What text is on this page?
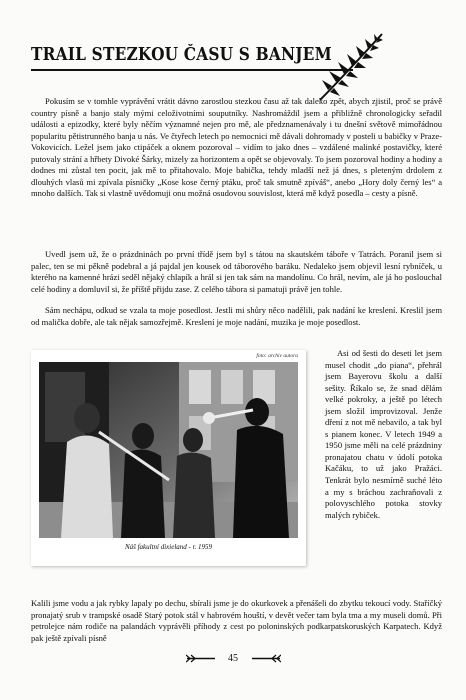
TRAIL STEZKOU ČASU S BANJEM

Pokusím se v tomhle vyprávění vrátit dávno zarostlou stezkou času až tak daleko zpět, abych zjistil, proč se právě country písně a banjo staly mými celoživotními souputníky. Nashromáždil jsem a přibližně chronologicky seřadil události a epizodky, které byly něčím významné nejen pro mě, ale předznamenávaly i tu dnešní světově mimořádnou popularitu pětistrunného banja u nás. Ve čtyřech letech po nemocnici mě dávali dohromady v posteli u babičky v Praze-Vokovicích. Ležel jsem jako ctipáček a oknem pozoroval – vidím to jako dnes – vzdálené malinké postavičky, které putovaly strání a hřbety Divoké Šárky, mizely za horizontem a opět se objevovaly. To jsem pozoroval hodiny a hodiny a dodnes mi zůstal ten pocit, jak mě to přitahovalo. Moje babička, tehdy mladší než já dnes, s pleteným drdolem z dlouhých vlasů mi zpívala písničky „Kose kose černý ptáku, proč tak smutně zpíváš“, anebo „Hory doly černý les“ a mnoho dalších. Tak si vlastně uvědomuji onu možná osudovou souvislost, která mě když posedla – cesty a písně.

Uvedl jsem už, že o prázdninách po první třídě jsem byl s tátou na skautském táboře v Tatrách. Poranil jsem si palec, ten se mi pěkně podebral a já pajdal jen kousek od táborového baráku. Nedaleko jsem objevil lesní rybníček, u kterého na kamenné hrázi seděl nějaký chlapík a hrál si jen tak sám na mandolínu. Co hrál, nevím, ale já ho poslouchal celé hodiny a domluvil si, že příště přijdu zase. Z celého tábora si pamatuji právě jen tohle.

Sám nechápu, odkud se vzala ta moje posedlost. Jestli mi shůry něco nadělili, pak nadání ke kreslení. Kreslil jsem od malička dobře, ale tak nějak samozřejmě. Kreslení je moje nadání, muzika je moje posedlost.

foto: archiv autora
Náš fakultní dixieland - r. 1959

Asi od šesti do deseti let jsem musel chodit „do piana“, přehrál jsem Bayerovu školu a další sešity. Říkalo se, že snad dělám velké pokroky, a ještě po létech jsem složil improvizoval. Jenže dření z not mě nebavilo, a tak byl s pianem konec. V letech 1949 a 1950 jsme měli na celé prázdniny pronajatou chatu v údolí potoka Kačáku, to už jako Pražáci. Tenkrát bylo nesmírně suché léto a my s bráchou zachraňovali z polovyschlého potoka stovky malých rybiček.

Kalili jsme vodu a jak rybky lapaly po dechu, sbírali jsme je do okurkovek a přenášeli do zbytku tekoucí vody. Staříčký pronajatý srub v trampské osadě Starý potok stál v habrovém houští, v devět večer tam byla tma a my museli domů. Při petrolejce nám rodiče na palandách vyprávěli příhody z cest po poloninských podkarpatskoruských Karpatech. Když pak ještě zpívali písně

45
